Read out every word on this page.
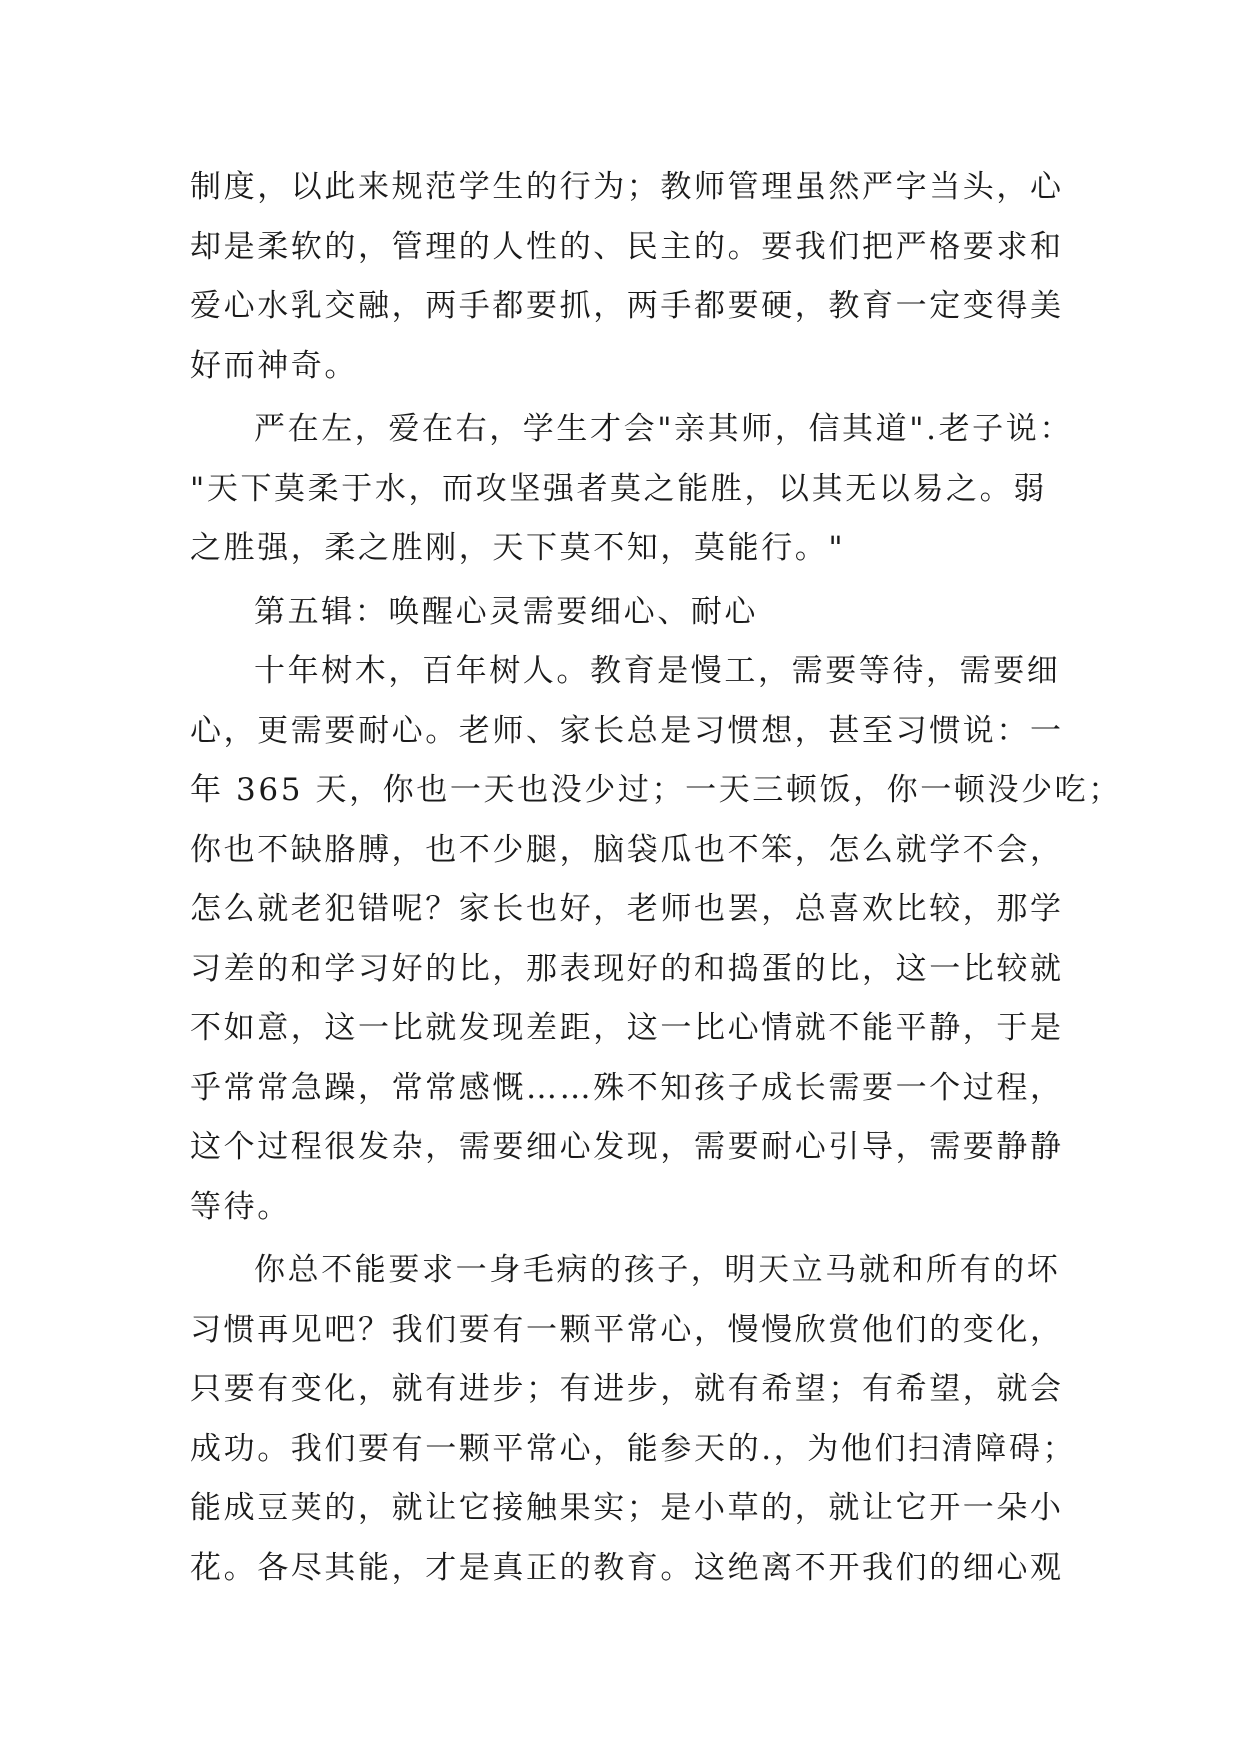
制度，以此来规范学生的行为；教师管理虽然严字当头，心
却是柔软的，管理的人性的、民主的。要我们把严格要求和
爱心水乳交融，两手都要抓，两手都要硬，教育一定变得美
好而神奇。
严在左，爱在右，学生才会"亲其师，信其道".老子说：
"天下莫柔于水，而攻坚强者莫之能胜，以其无以易之。弱
之胜强，柔之胜刚，天下莫不知，莫能行。"
第五辑：唤醒心灵需要细心、耐心
十年树木，百年树人。教育是慢工，需要等待，需要细
心，更需要耐心。老师、家长总是习惯想，甚至习惯说：一
年 365 天，你也一天也没少过；一天三顿饭，你一顿没少吃；
你也不缺胳膊，也不少腿，脑袋瓜也不笨，怎么就学不会，
怎么就老犯错呢？家长也好，老师也罢，总喜欢比较，那学
习差的和学习好的比，那表现好的和捣蛋的比，这一比较就
不如意，这一比就发现差距，这一比心情就不能平静，于是
乎常常急躁，常常感慨……殊不知孩子成长需要一个过程，
这个过程很发杂，需要细心发现，需要耐心引导，需要静静
等待。
你总不能要求一身毛病的孩子，明天立马就和所有的坏
习惯再见吧？我们要有一颗平常心，慢慢欣赏他们的变化，
只要有变化，就有进步；有进步，就有希望；有希望，就会
成功。我们要有一颗平常心，能参天的.，为他们扫清障碍；
能成豆荚的，就让它接触果实；是小草的，就让它开一朵小
花。各尽其能，才是真正的教育。这绝离不开我们的细心观
